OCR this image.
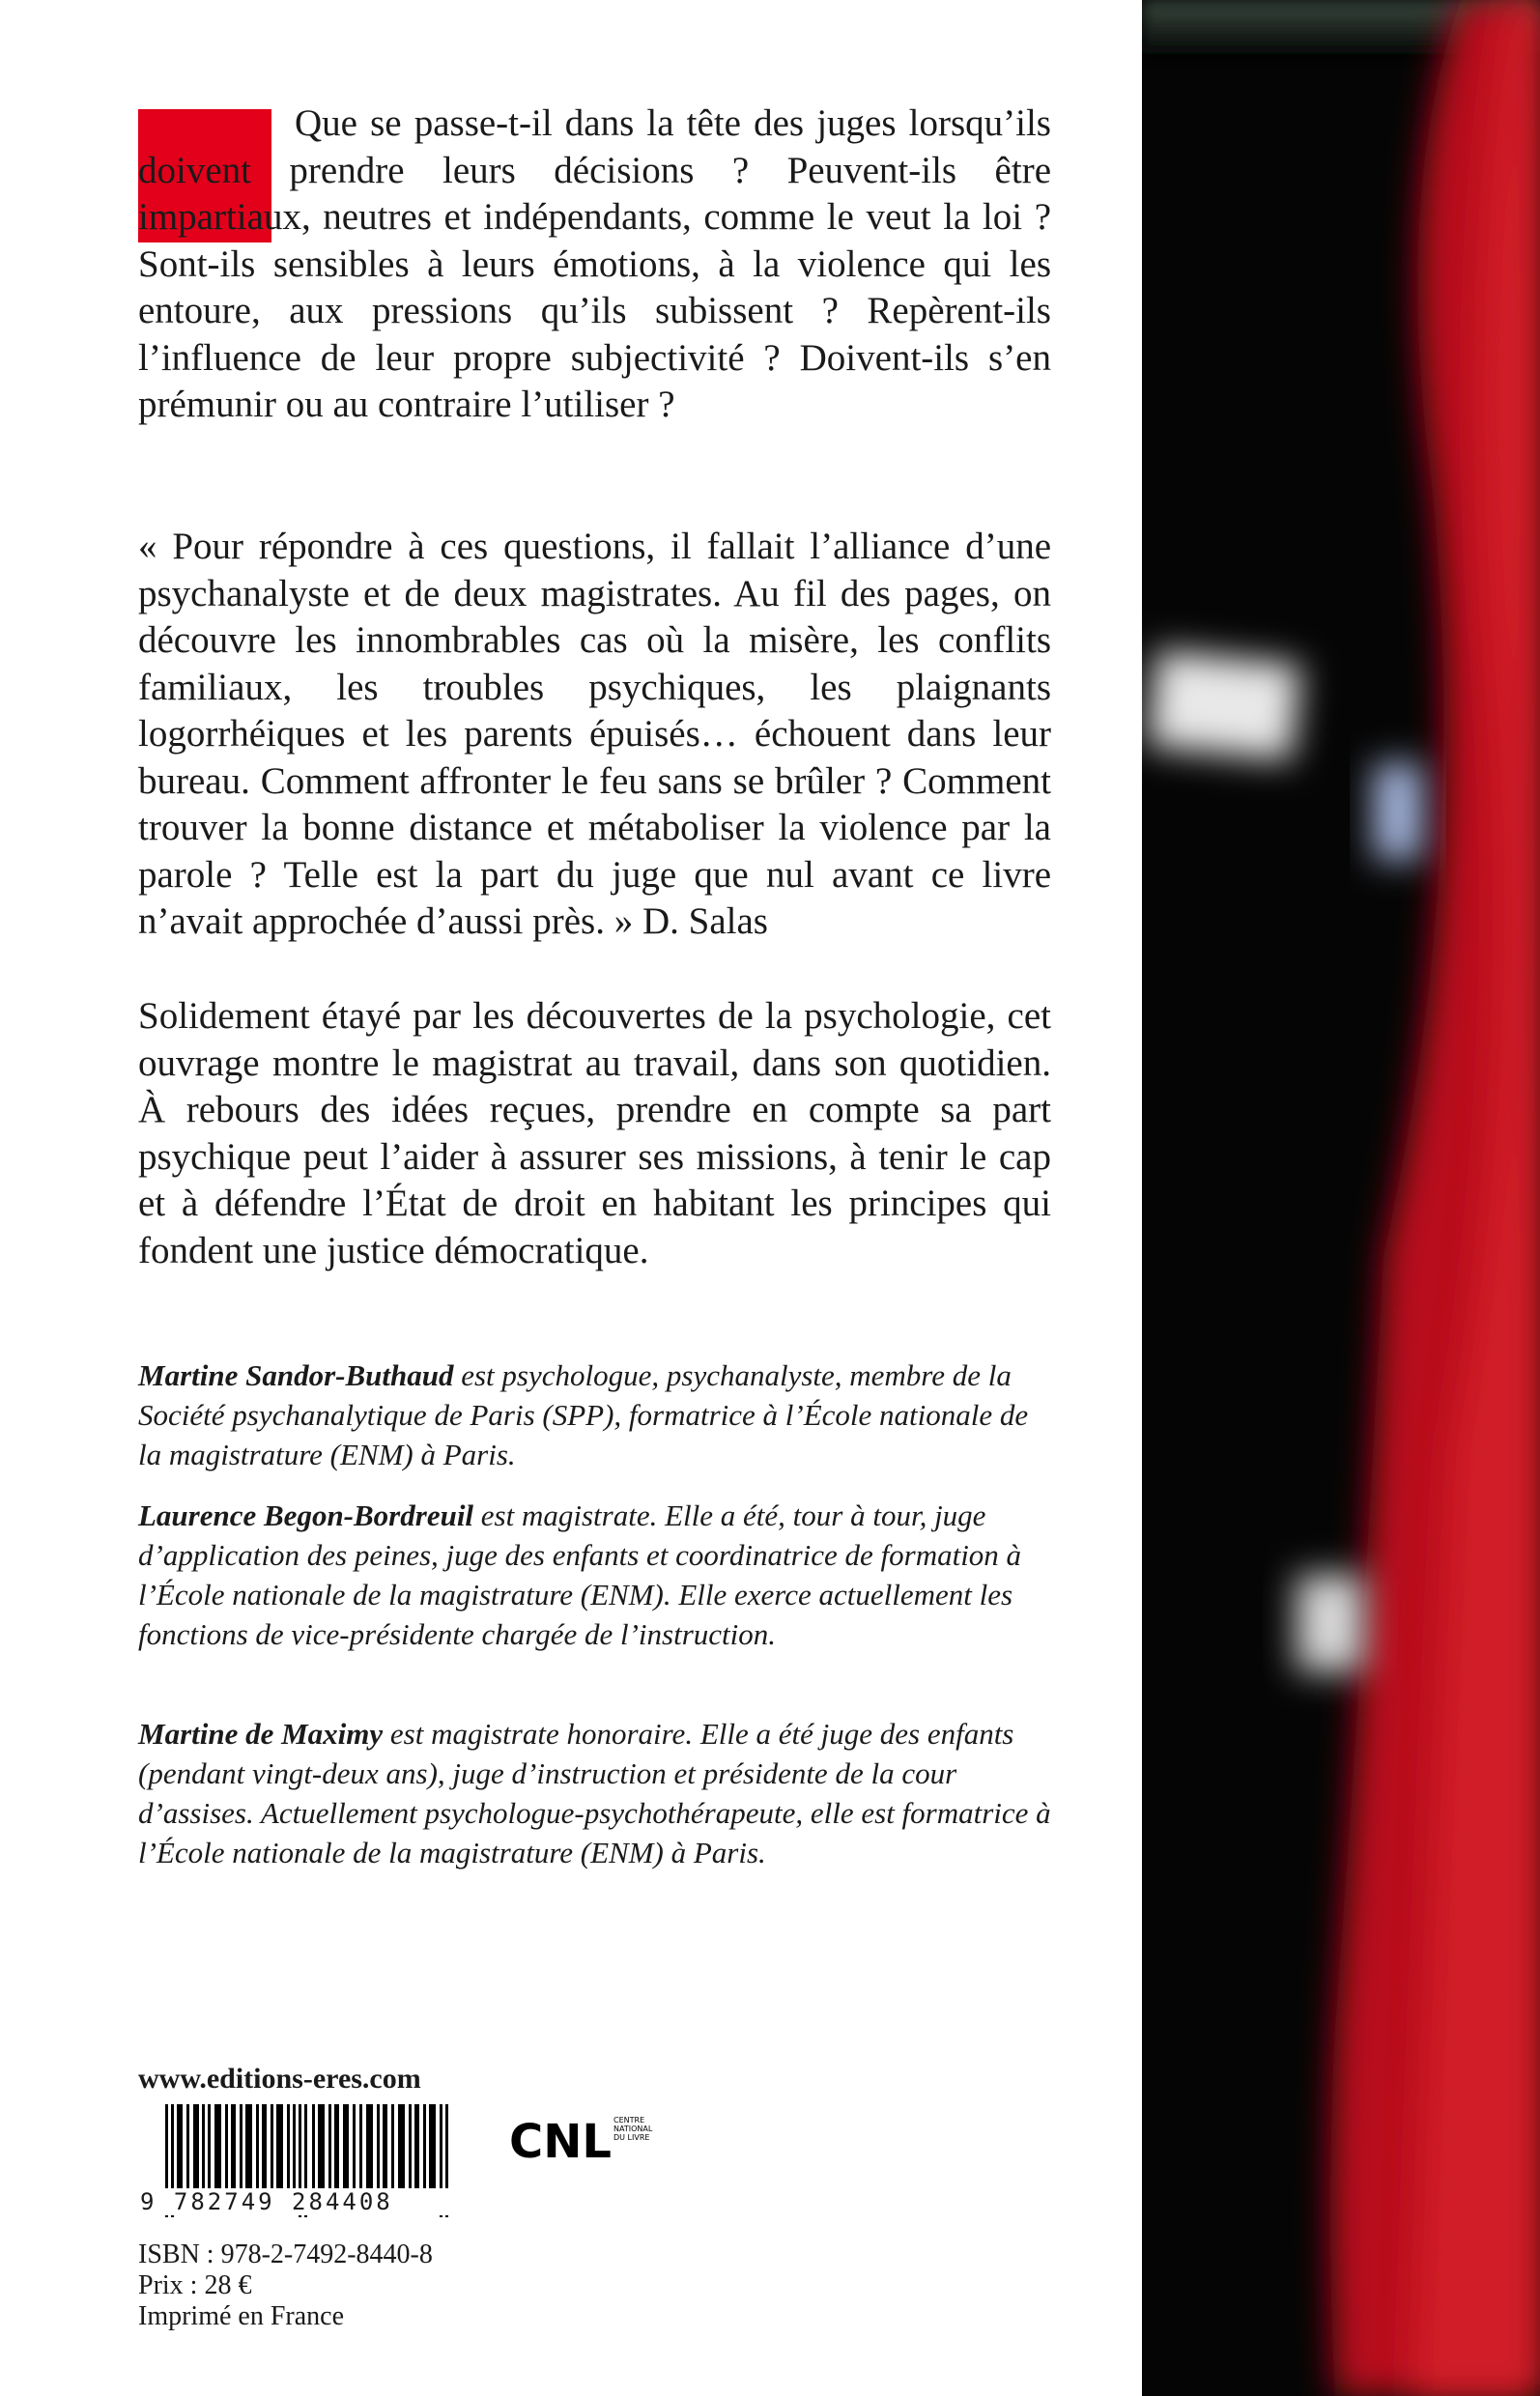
Que se passe-t-il dans la tête des juges lorsqu’ils doivent prendre leurs décisions ? Peuvent-ils être impartiaux, neutres et indépendants, comme le veut la loi ? Sont-ils sensibles à leurs émotions, à la violence qui les entoure, aux pressions qu’ils subissent ? Repèrent-ils l’influence de leur propre subjectivité ? Doivent-ils s’en prémunir ou au contraire l’utiliser ?

« Pour répondre à ces questions, il fallait l’alliance d’une psychanalyste et de deux magistrates. Au fil des pages, on découvre les innombrables cas où la misère, les conflits familiaux, les troubles psychiques, les plaignants logorrhéiques et les parents épuisés… échouent dans leur bureau. Comment affronter le feu sans se brûler ? Comment trouver la bonne distance et métaboliser la violence par la parole ? Telle est la part du juge que nul avant ce livre n’avait approchée d’aussi près. » D. Salas

Solidement étayé par les découvertes de la psychologie, cet ouvrage montre le magistrat au travail, dans son quotidien. À rebours des idées reçues, prendre en compte sa part psychique peut l’aider à assurer ses missions, à tenir le cap et à défendre l’État de droit en habitant les principes qui fondent une justice démocratique.

Martine Sandor-Buthaud est psychologue, psychanalyste, membre de la Société psychanalytique de Paris (SPP), formatrice à l’École nationale de la magistrature (ENM) à Paris.

Laurence Begon-Bordreuil est magistrate. Elle a été, tour à tour, juge d’application des peines, juge des enfants et coordinatrice de formation à l’École nationale de la magistrature (ENM). Elle exerce actuellement les fonctions de vice-présidente chargée de l’instruction.

Martine de Maximy est magistrate honoraire. Elle a été juge des enfants (pendant vingt-deux ans), juge d’instruction et présidente de la cour d’assises. Actuellement psychologue-psychothérapeute, elle est formatrice à l’École nationale de la magistrature (ENM) à Paris.

www.editions-eres.com
9 782749 284408
CNL CENTRE
NATIONAL
DU LIVRE
ISBN : 978-2-7492-8440-8
Prix : 28 €
Imprimé en France
